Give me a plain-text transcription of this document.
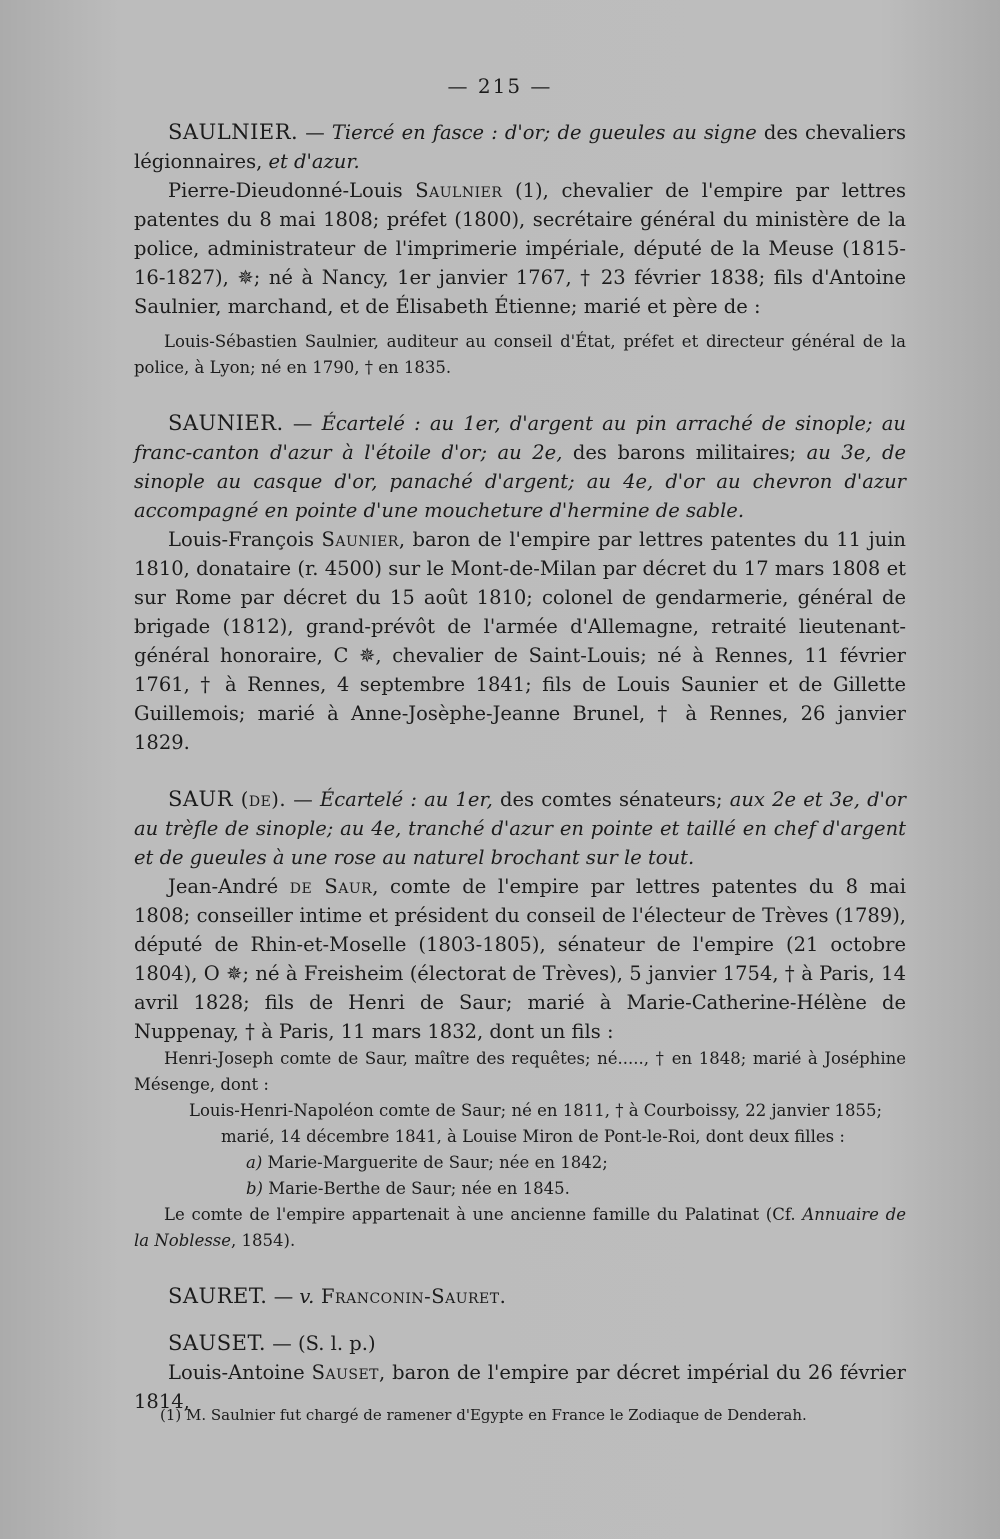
— 215 —

SAULNIER. — Tiercé en fasce : d'or; de gueules au signe des chevaliers légionnaires, et d'azur.

Pierre-Dieudonné-Louis Saulnier (1), chevalier de l'empire par lettres patentes du 8 mai 1808; préfet (1800), secrétaire général du ministère de la police, administrateur de l'imprimerie impériale, député de la Meuse (1815-16-1827), ✵; né à Nancy, 1er janvier 1767, † 23 février 1838; fils d'Antoine Saulnier, marchand, et de Élisabeth Étienne; marié et père de :

Louis-Sébastien Saulnier, auditeur au conseil d'État, préfet et directeur général de la police, à Lyon; né en 1790, † en 1835.

SAUNIER. — Écartelé : au 1er, d'argent au pin arraché de sinople; au franc-canton d'azur à l'étoile d'or; au 2e, des barons militaires; au 3e, de sinople au casque d'or, panaché d'argent; au 4e, d'or au chevron d'azur accompagné en pointe d'une moucheture d'hermine de sable.

Louis-François Saunier, baron de l'empire par lettres patentes du 11 juin 1810, donataire (r. 4500) sur le Mont-de-Milan par décret du 17 mars 1808 et sur Rome par décret du 15 août 1810; colonel de gendarmerie, général de brigade (1812), grand-prévôt de l'armée d'Allemagne, retraité lieutenant-général honoraire, C ✵, chevalier de Saint-Louis; né à Rennes, 11 février 1761, † à Rennes, 4 septembre 1841; fils de Louis Saunier et de Gillette Guillemois; marié à Anne-Josèphe-Jeanne Brunel, † à Rennes, 26 janvier 1829.

SAUR (de). — Écartelé : au 1er, des comtes sénateurs; aux 2e et 3e, d'or au trèfle de sinople; au 4e, tranché d'azur en pointe et taillé en chef d'argent et de gueules à une rose au naturel brochant sur le tout.

Jean-André de Saur, comte de l'empire par lettres patentes du 8 mai 1808; conseiller intime et président du conseil de l'électeur de Trèves (1789), député de Rhin-et-Moselle (1803-1805), sénateur de l'empire (21 octobre 1804), O ✵; né à Freisheim (électorat de Trèves), 5 janvier 1754, † à Paris, 14 avril 1828; fils de Henri de Saur; marié à Marie-Catherine-Hélène de Nuppenay, † à Paris, 11 mars 1832, dont un fils :

Henri-Joseph comte de Saur, maître des requêtes; né....., † en 1848; marié à Joséphine Mésenge, dont :

Louis-Henri-Napoléon comte de Saur; né en 1811, † à Courboissy, 22 janvier 1855;
marié, 14 décembre 1841, à Louise Miron de Pont-le-Roi, dont deux filles :

a) Marie-Marguerite de Saur; née en 1842;

b) Marie-Berthe de Saur; née en 1845.

Le comte de l'empire appartenait à une ancienne famille du Palatinat (Cf. Annuaire de la Noblesse, 1854).

SAURET. — v. Franconin-Sauret.

SAUSET. — (S. l. p.)

Louis-Antoine Sauset, baron de l'empire par décret impérial du 26 février 1814,

(1) M. Saulnier fut chargé de ramener d'Egypte en France le Zodiaque de Denderah.
